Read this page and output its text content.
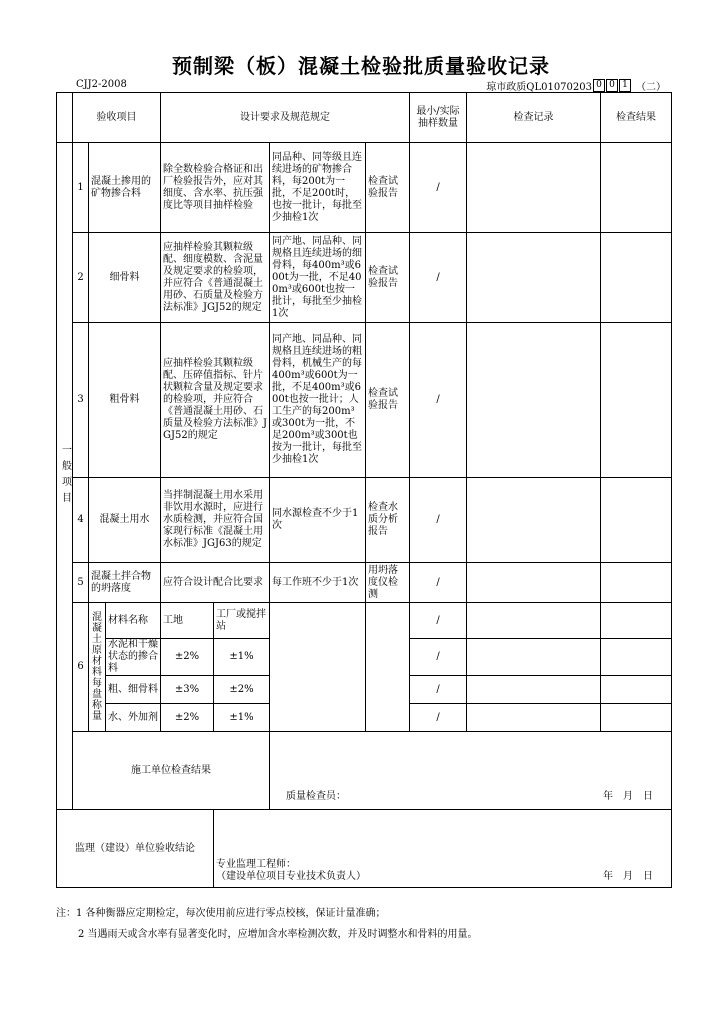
预制梁（板）混凝土检验批质量验收记录
CJJ2-2008	琼市政质QL01070203 0 0 1 （二）
	验收项目			设计要求及规范规定				最小/实际抽样数量	检查记录	检查结果
一般项目	1	混凝土掺用的矿物掺合料		除全数检验合格证和出厂检验报告外，应对其细度、含水率、抗压强度比等项目抽样检验		同品种、同等级且连续进场的矿物掺合料，每200t为一批，不足200t时，也按一批计，每批至少抽检1次	检查试验报告	/		
	2	细骨料		应抽样检验其颗粒级配、细度模数、含泥量及规定要求的检验项，并应符合《普通混凝土用砂、石质量及检验方法标准》JGJ52的规定		同产地、同品种、同规格且连续进场的细骨料，每400m³或600t为一批，不足400m³或600t也按一批计，每批至少抽检1次	检查试验报告	/		
	3	粗骨料		应抽样检验其颗粒级配、压碎值指标、针片状颗粒含量及规定要求的检验项，并应符合《普通混凝土用砂、石质量及检验方法标准》JGJ52的规定		同产地、同品种、同规格且连续进场的粗骨料，机械生产的每400m³或600t为一批，不足400m³或600t也按一批计；人工生产的每200m³或300t为一批，不足200m³或300t也按为一批计，每批至少抽检1次	检查试验报告	/		
	4	混凝土用水		当拌制混凝土用水采用非饮用水源时，应进行水质检测，并应符合国家现行标准《混凝土用水标准》JGJ63的规定		同水源检查不少于1次	检查水质分析报告	/		
	5	混凝土拌合物的坍落度		应符合设计配合比要求		每工作班不少于1次	用坍落度仪检测	/		
	6	混凝土原材料每盘称量	材料名称	工地	工厂或搅拌站			/		
			水泥和干燥状态的掺合料	±2%	±1%			/		
			粗、细骨料	±3%	±2%			/		
			水、外加剂	±2%	±1%			/		
	施工单位检查结果					质量检查员： 年　月　日				

监理（建设）单位验收结论					专业监理工程师：
（建设单位项目专业技术负责人） 年　月　日					
注：1 各种衡器应定期检定，每次使用前应进行零点校核，保证计量准确；
2 当遇雨天或含水率有显著变化时，应增加含水率检测次数，并及时调整水和骨料的用量。
